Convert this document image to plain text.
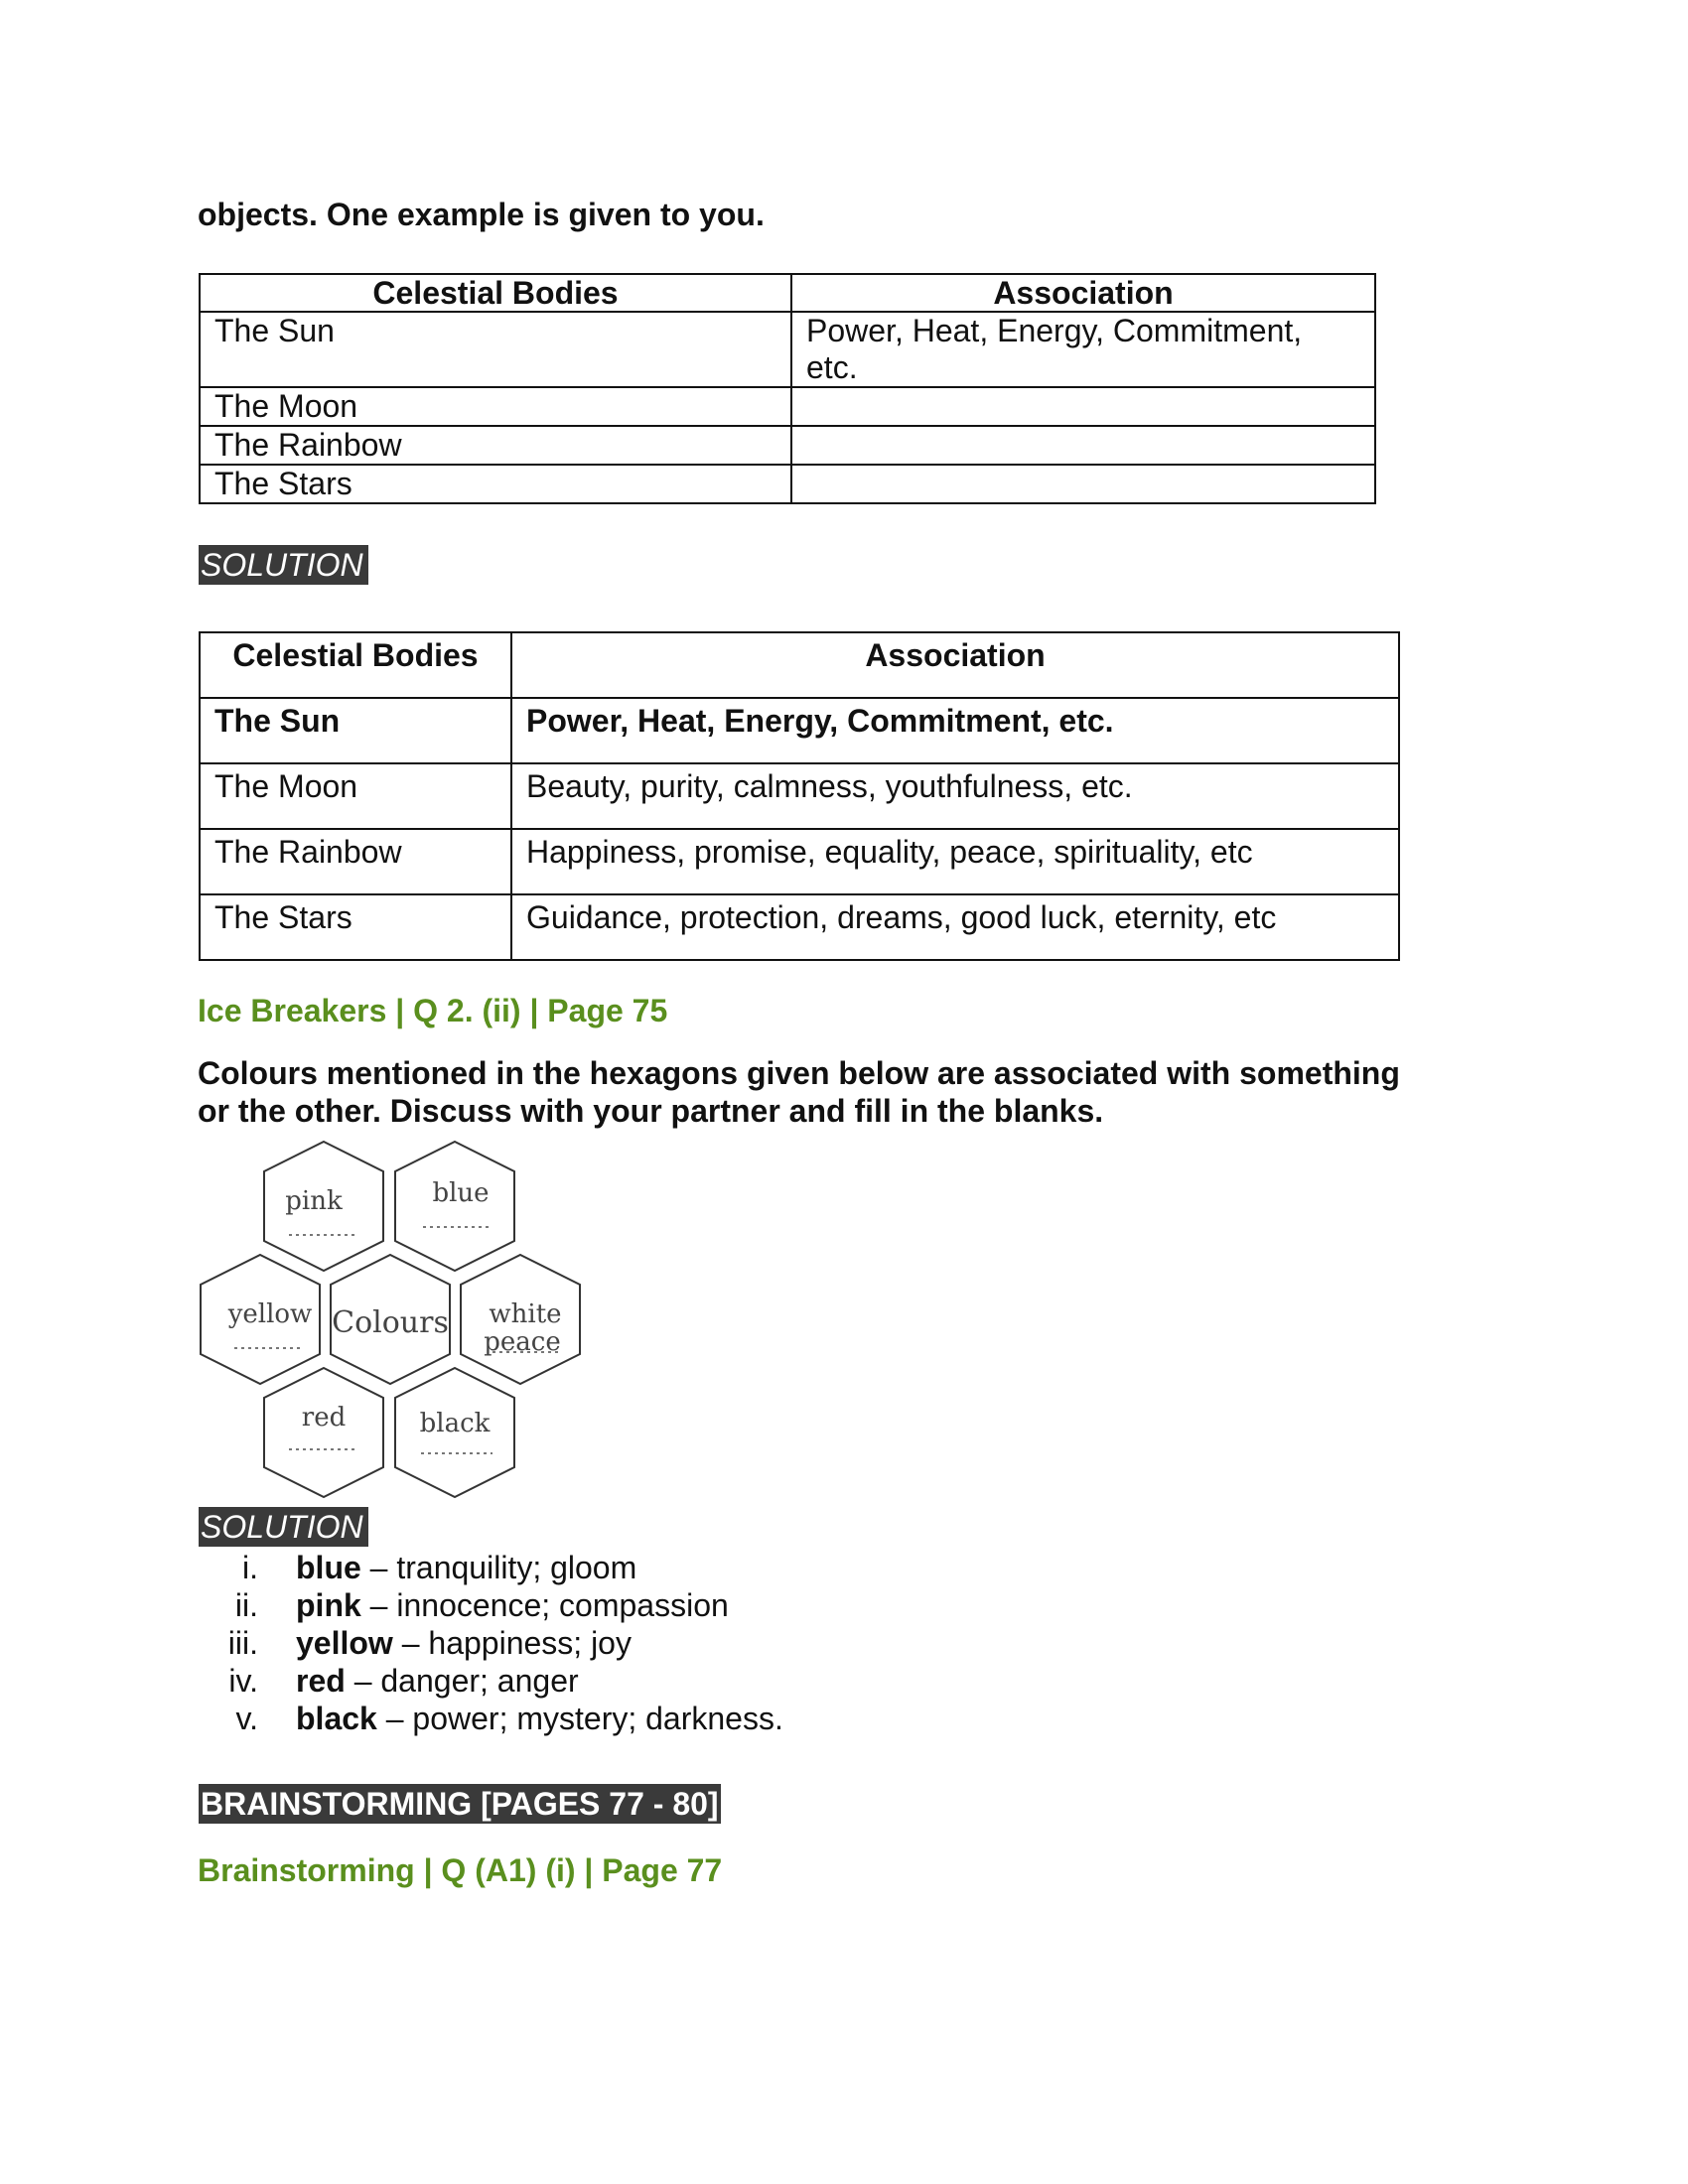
objects. One example is given to you.
Celestial Bodies	Association
The Sun	Power, Heat, Energy, Commitment, etc.
The Moon	
The Rainbow	
The Stars	
SOLUTION
Celestial Bodies	Association
The Sun	Power, Heat, Energy, Commitment, etc.
The Moon	Beauty, purity, calmness, youthfulness, etc.
The Rainbow	Happiness, promise, equality, peace, spirituality, etc
The Stars	Guidance, protection, dreams, good luck, eternity, etc
Ice Breakers | Q 2. (ii) | Page 75
Colours mentioned in the hexagons given below are associated with something
or the other. Discuss with your partner and fill in the blanks.
pink	blue
yellow Colours white
peace
red	black
SOLUTION
i. blue – tranquility; gloom
ii. pink – innocence; compassion
iii. yellow – happiness; joy
iv. red – danger; anger
v. black – power; mystery; darkness.
BRAINSTORMING [PAGES 77 - 80]
Brainstorming | Q (A1) (i) | Page 77
